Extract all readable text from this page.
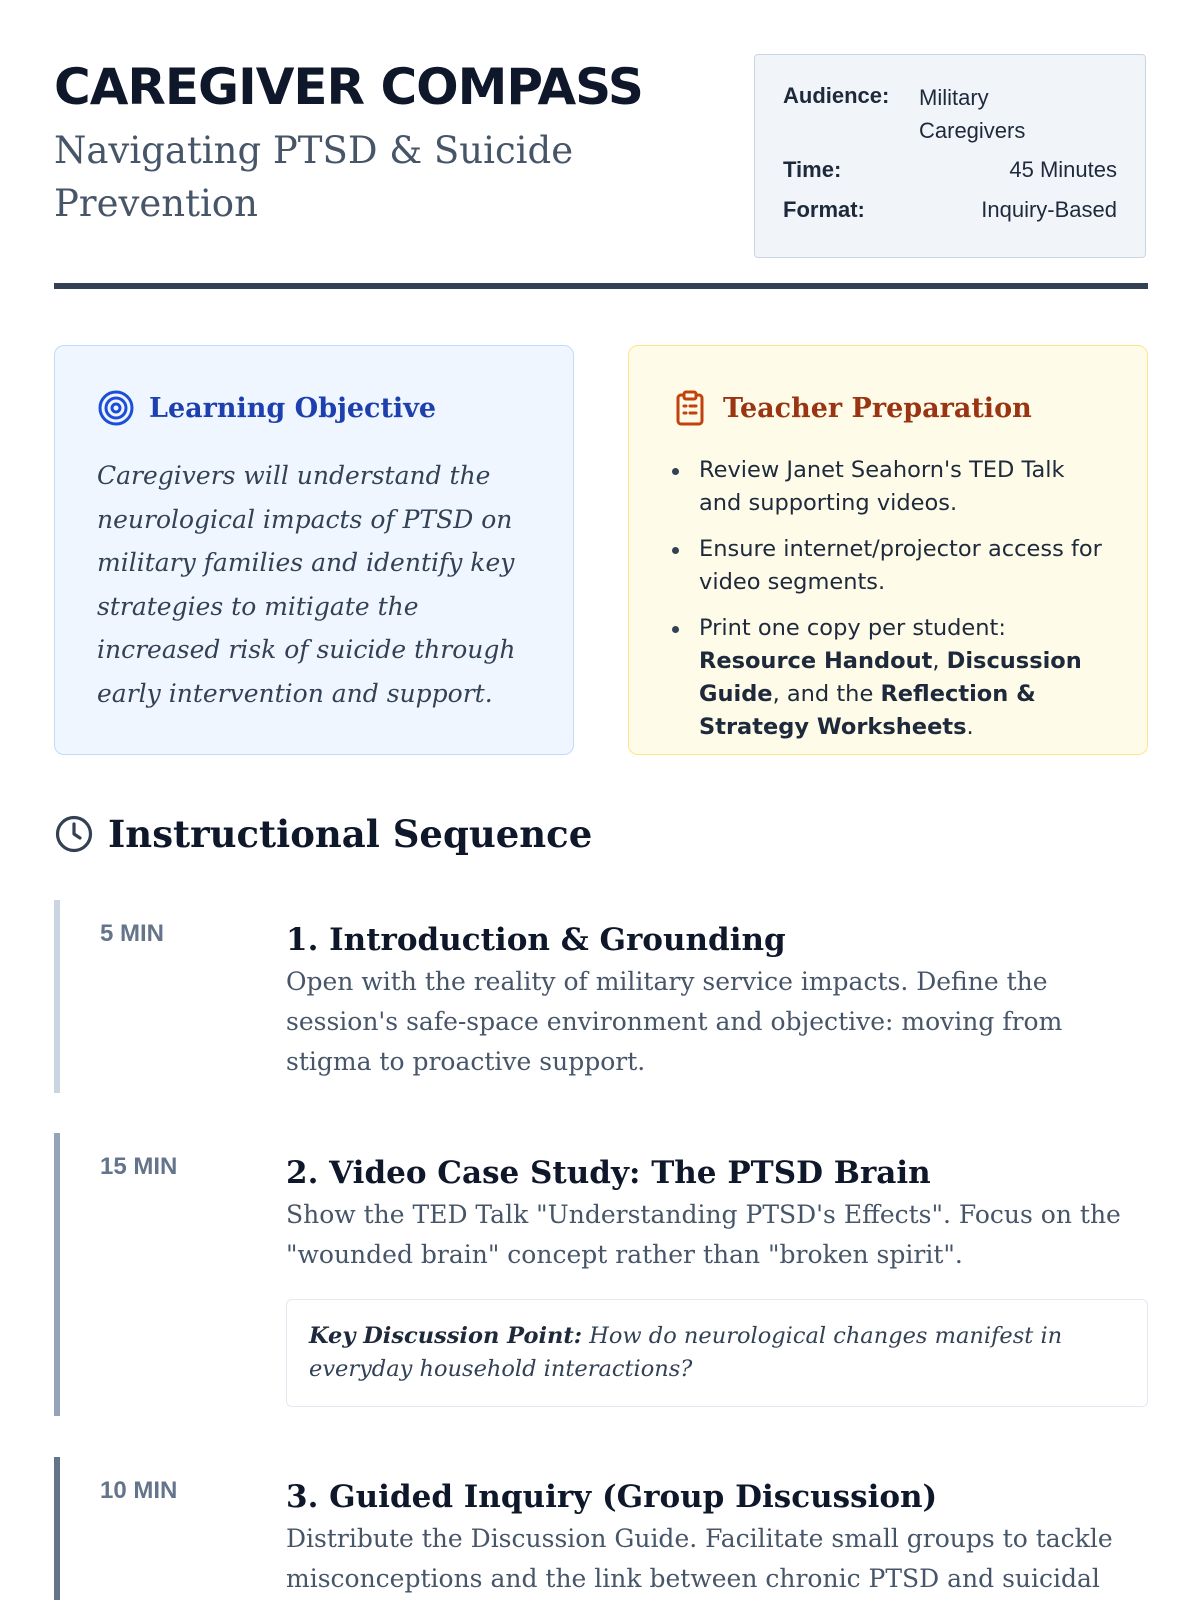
CAREGIVER COMPASS
Navigating PTSD & Suicide Prevention
Audience: Military Caregivers
Time:	45 Minutes
Format:	Inquiry-Based
Learning Objective

Caregivers will understand the neurological impacts of PTSD on military families and identify key strategies to mitigate the increased risk of suicide through early intervention and support.

Teacher Preparation
Review Janet Seahorn's TED Talk and supporting videos.
Ensure internet/projector access for video segments.
Print one copy per student: Resource Handout, Discussion Guide, and the Reflection & Strategy Worksheets.
Instructional Sequence
5 MIN	1. Introduction & Grounding

Open with the reality of military service impacts. Define the session's safe-space environment and objective: moving from stigma to proactive support.

15 MIN	2. Video Case Study: The PTSD Brain

Show the TED Talk "Understanding PTSD's Effects". Focus on the "wounded brain" concept rather than "broken spirit".

Key Discussion Point: How do neurological changes manifest in everyday household interactions?
10 MIN	3. Guided Inquiry (Group Discussion)

Distribute the Discussion Guide. Facilitate small groups to tackle misconceptions and the link between chronic PTSD and suicidal
